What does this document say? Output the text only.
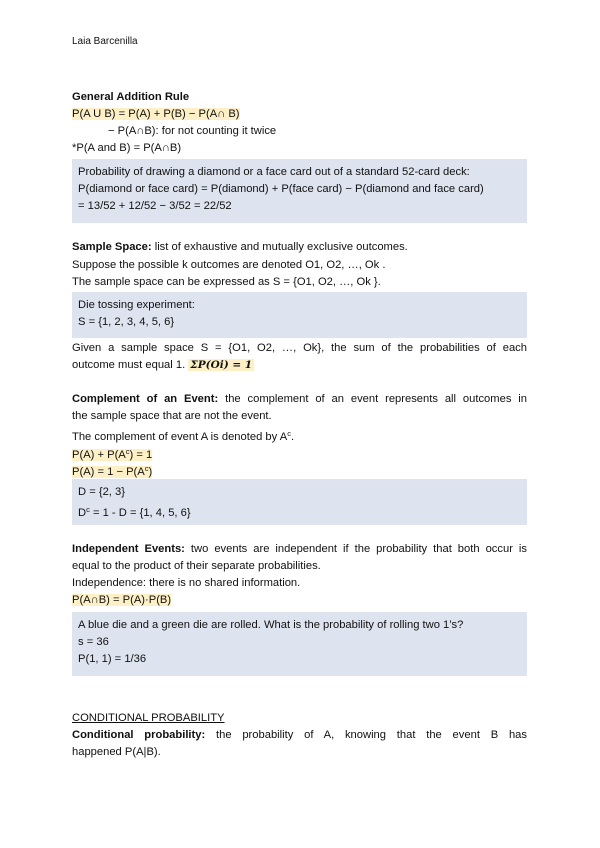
Laia Barcenilla
General Addition Rule
P(A U B) = P(A) + P(B) − P(A∩ B)
− P(A∩B): for not counting it twice
*P(A and B) = P(A∩B)
Probability of drawing a diamond or a face card out of a standard 52-card deck:
P(diamond or face card) = P(diamond) + P(face card) − P(diamond and face card)
= 13/52 + 12/52 − 3/52 = 22/52
Sample Space: list of exhaustive and mutually exclusive outcomes.
Suppose the possible k outcomes are denoted O1, O2, …, Ok .
The sample space can be expressed as S = {O1, O2, …, Ok }.
Die tossing experiment:
S = {1, 2, 3, 4, 5, 6}
Given a sample space S = {O1, O2, …, Ok}, the sum of the probabilities of each
outcome must equal 1. ΣP(Oi) = 1
Complement of an Event: the complement of an event represents all outcomes in
the sample space that are not the event.
The complement of event A is denoted by $A^c$.
$P(A) + P(A^c) = 1$
$P(A) = 1 - P(A^c)$
D = {2, 3}
$D^c = 1 - D = \{1$, 4, 5, 6}
Independent Events: two events are independent if the probability that both occur is
equal to the product of their separate probabilities.
Independence: there is no shared information.
P(A∩B) = P(A)·P(B)
A blue die and a green die are rolled. What is the probability of rolling two 1’s?
s = 36
P(1, 1) = 1/36
CONDITIONAL PROBABILITY
Conditional probability: the probability of A, knowing that the event B has
happened P(A|B).
